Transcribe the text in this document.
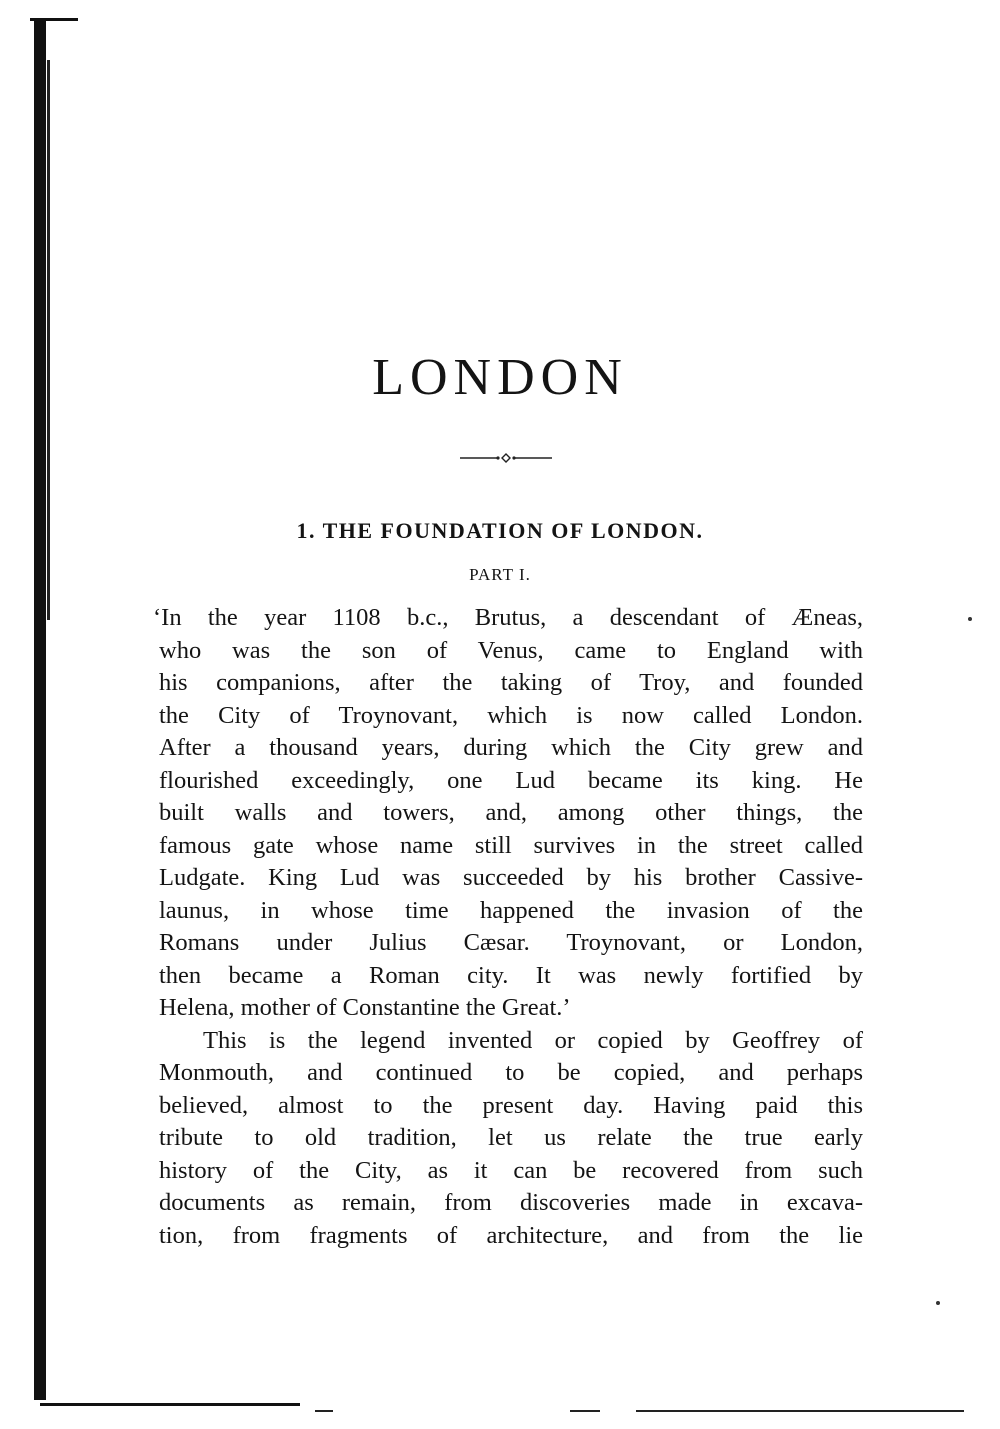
LONDON
1. THE FOUNDATION OF LONDON.
PART I.
‘In the year 1108 b.c., Brutus, a descendant of Æneas,
who was the son of Venus, came to England with
his companions, after the taking of Troy, and founded
the City of Troynovant, which is now called London.
After a thousand years, during which the City grew and
flourished exceedingly, one Lud became its king. He
built walls and towers, and, among other things, the
famous gate whose name still survives in the street called
Ludgate. King Lud was succeeded by his brother Cassive-
launus, in whose time happened the invasion of the
Romans under Julius Cæsar. Troynovant, or London,
then became a Roman city. It was newly fortified by
Helena, mother of Constantine the Great.’
This is the legend invented or copied by Geoffrey of
Monmouth, and continued to be copied, and perhaps
believed, almost to the present day. Having paid this
tribute to old tradition, let us relate the true early
history of the City, as it can be recovered from such
documents as remain, from discoveries made in excava-
tion, from fragments of architecture, and from the lie
